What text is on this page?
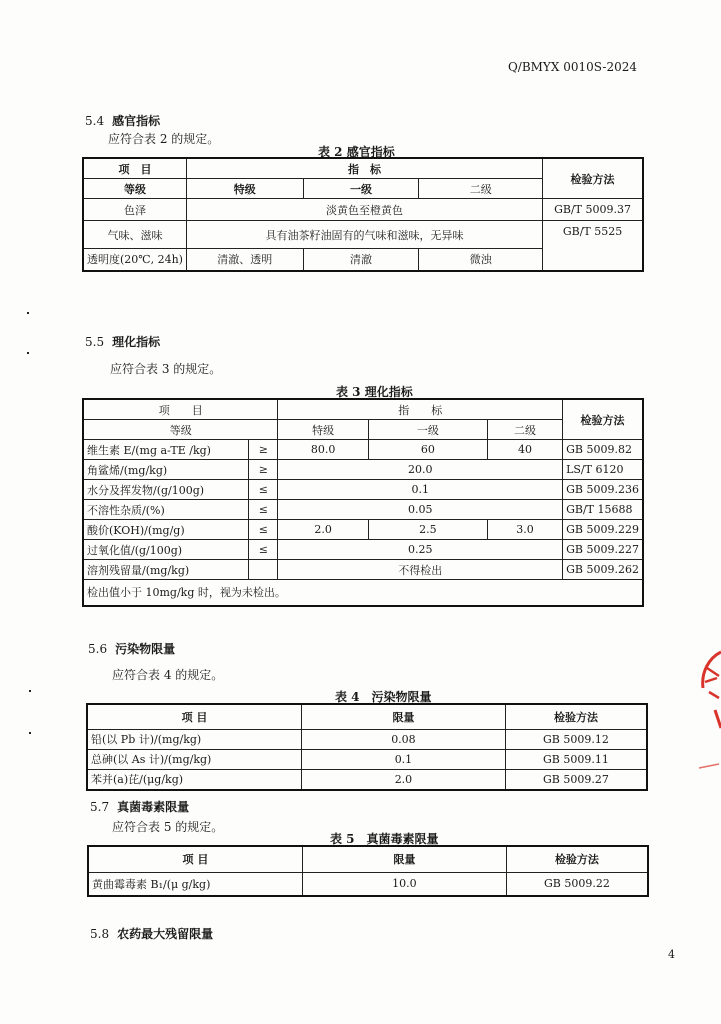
Q/BMYX 0010S-2024
5.4 感官指标
应符合表 2 的规定。
表 2 感官指标
项　目	指　标			检验方法
等级	特级	一级	二级	
色泽	淡黄色至橙黄色			GB/T 5009.37
气味、滋味	具有油茶籽油固有的气味和滋味，无异味			GB/T 5525
透明度(20℃, 24h)	清澈、透明	清澈	微浊	
5.5 理化指标
应符合表 3 的规定。
表 3 理化指标
项　　目		指　　标			检验方法
等级		特级	一级	二级	
维生素 E/(mg a-TE /kg)	≥	80.0	60	40	GB 5009.82
角鲨烯/(mg/kg)	≥	20.0			LS/T 6120
水分及挥发物/(g/100g)	≤	0.1			GB 5009.236
不溶性杂质/(%)	≤	0.05			GB/T 15688
酸价(KOH)/(mg/g)	≤	2.0	2.5	3.0	GB 5009.229
过氧化值/(g/100g)	≤	0.25			GB 5009.227
溶剂残留量/(mg/kg)		不得检出			GB 5009.262
检出值小于 10mg/kg 时，视为未检出。					
5.6 污染物限量
应符合表 4 的规定。
表 4　污染物限量
项 目	限量	检验方法
铅(以 Pb 计)/(mg/kg)	0.08	GB 5009.12
总砷(以 As 计)/(mg/kg)	0.1	GB 5009.11
苯并(a)芘/(μg/kg)	2.0	GB 5009.27
5.7 真菌毒素限量
应符合表 5 的规定。
表 5　真菌毒素限量
项 目	限量	检验方法
黄曲霉毒素 B₁/(μ g/kg)	10.0	GB 5009.22
5.8 农药最大残留限量
4
